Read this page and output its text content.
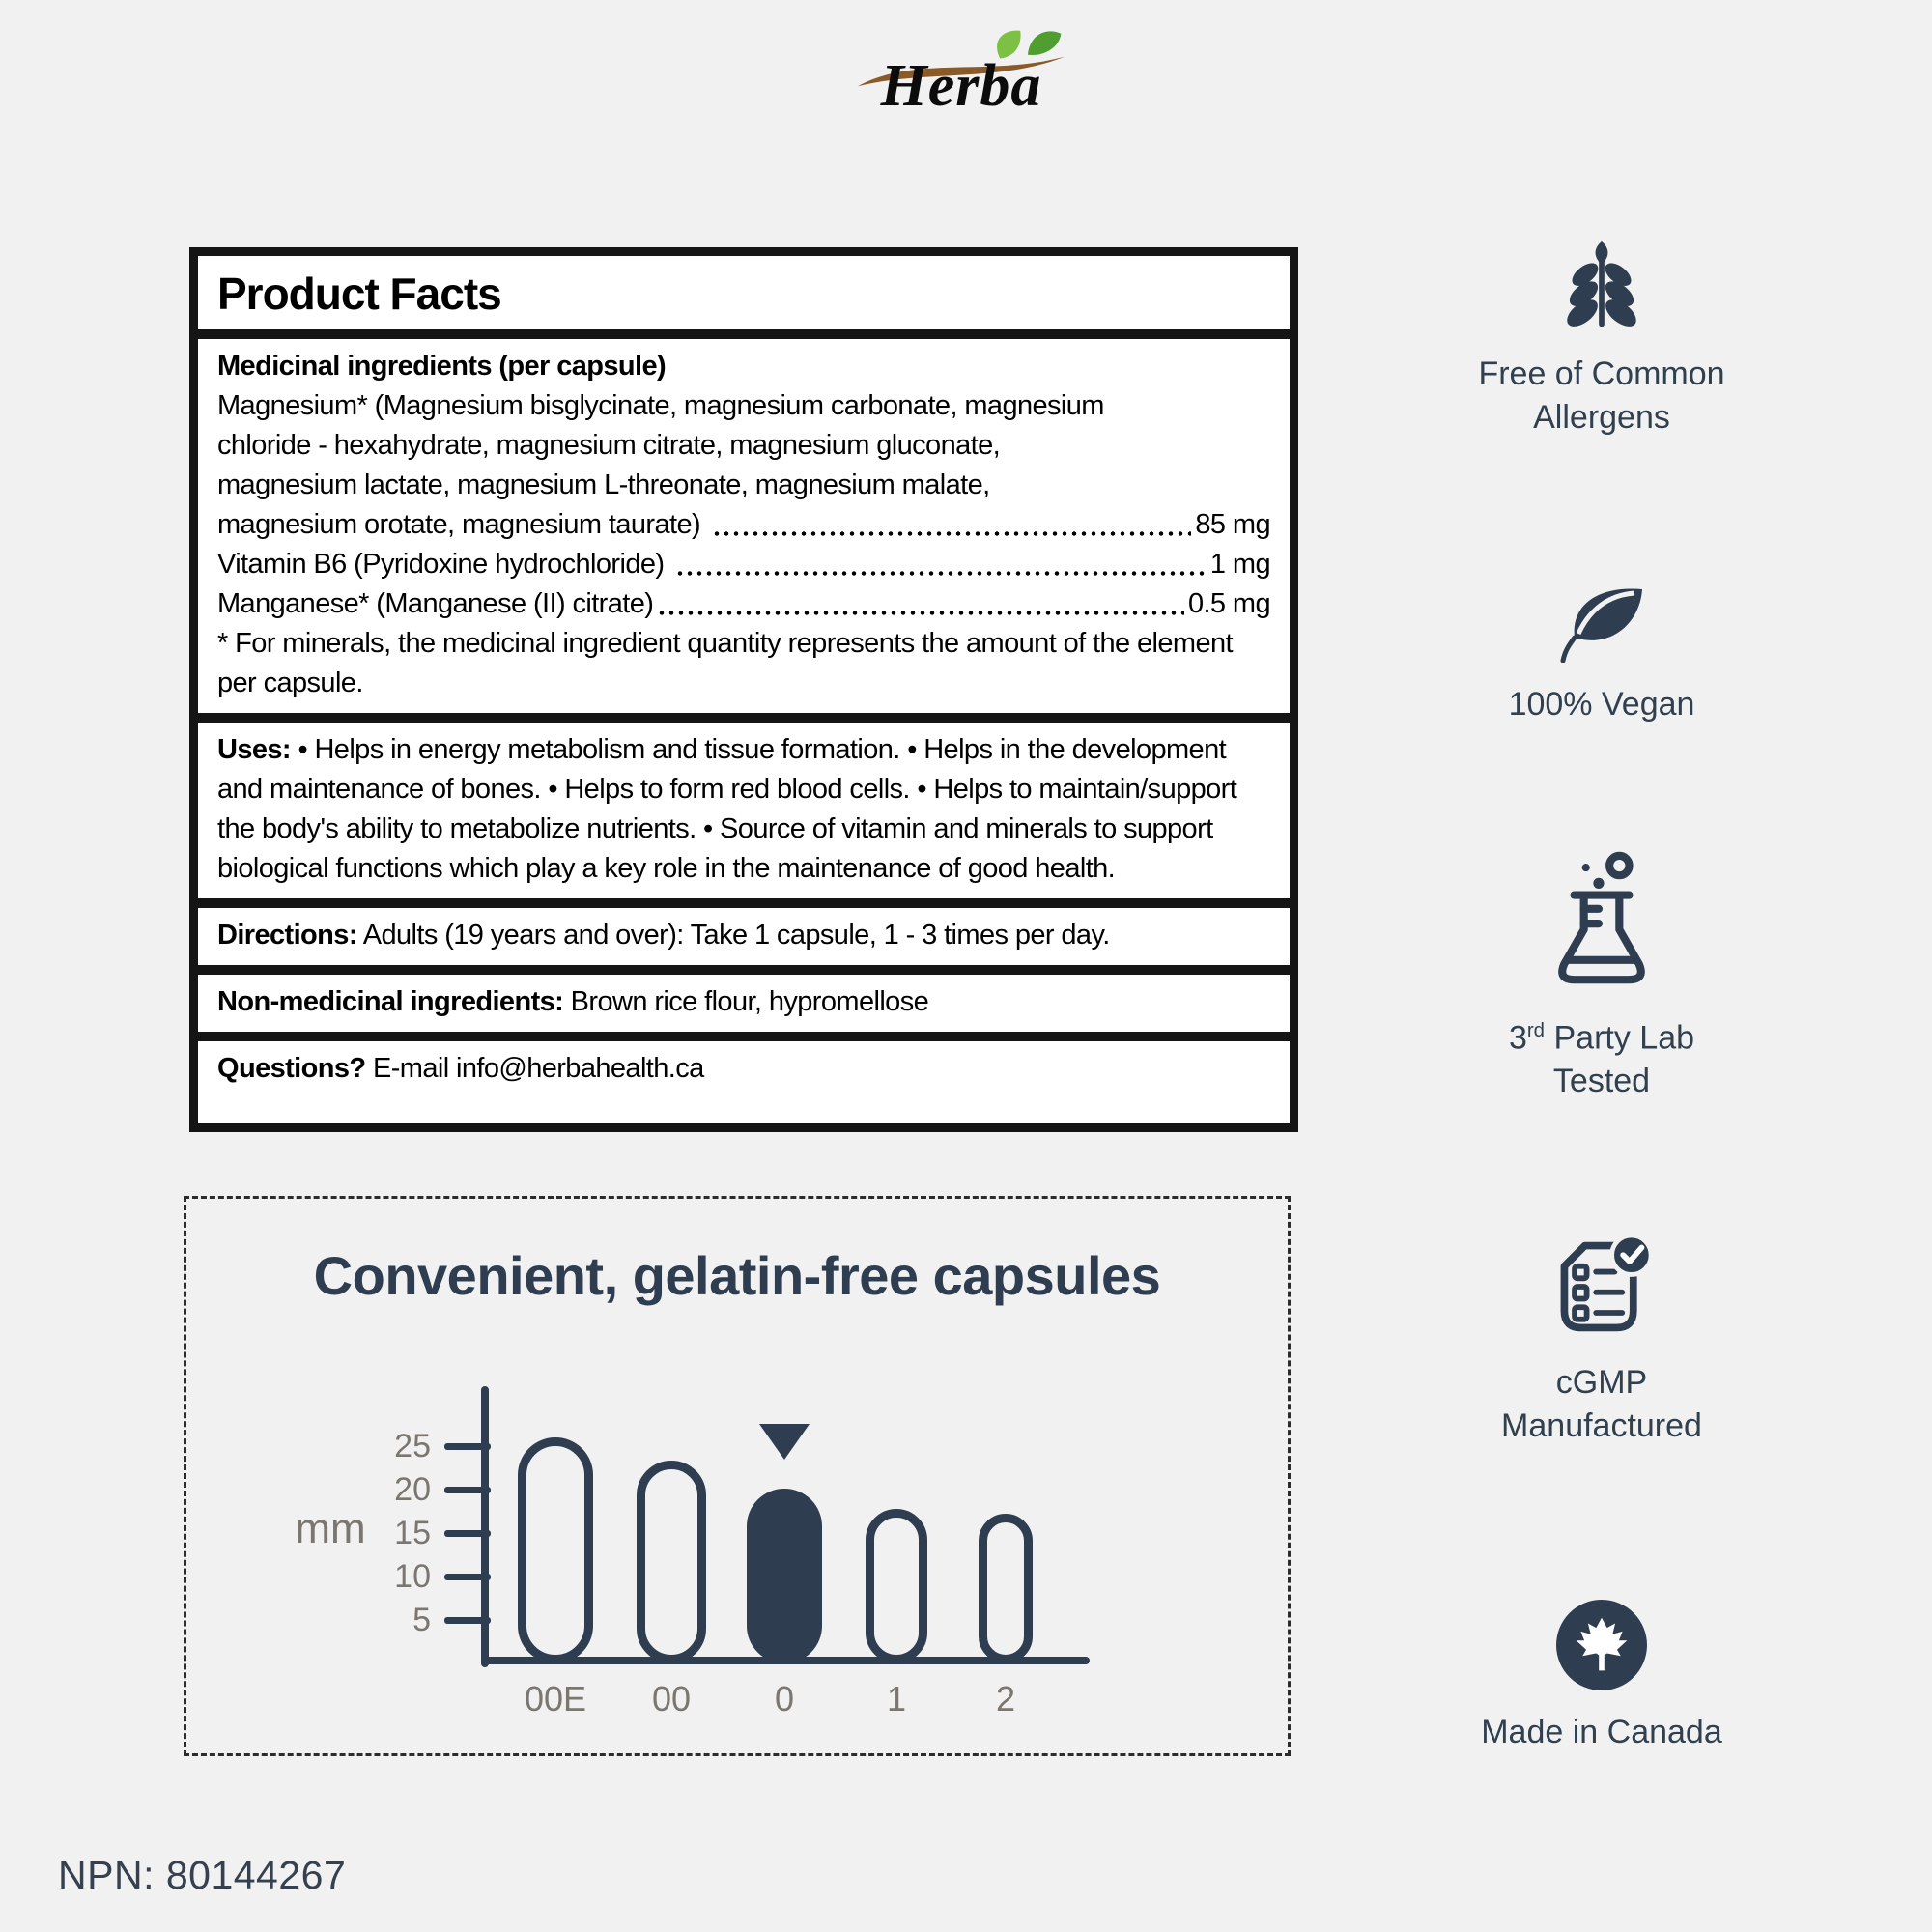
Herba
Product Facts
Medicinal ingredients (per capsule)
Magnesium* (Magnesium bisglycinate, magnesium carbonate, magnesium
chloride - hexahydrate, magnesium citrate, magnesium gluconate,
magnesium lactate, magnesium L-threonate, magnesium malate,
magnesium orotate, magnesium taurate)	85 mg
Vitamin B6 (Pyridoxine hydrochloride)	1 mg
Manganese* (Manganese (II) citrate)	0.5 mg
* For minerals, the medicinal ingredient quantity represents the amount of the element per capsule.
Uses: • Helps in energy metabolism and tissue formation. • Helps in the development and maintenance of bones. • Helps to form red blood cells. • Helps to maintain/support the body's ability to metabolize nutrients. • Source of vitamin and minerals to support biological functions which play a key role in the maintenance of good health.
Directions: Adults (19 years and over): Take 1 capsule, 1 - 3 times per day.
Non-medicinal ingredients: Brown rice flour, hypromellose
Questions? E-mail info@herbahealth.ca
Free of Common
Allergens
100% Vegan
3rd Party Lab
Tested
cGMP
Manufactured
Made in Canada
Convenient, gelatin-free capsules
mm
25
20
15
10
5
00E	00	0	1	2
NPN: 80144267
